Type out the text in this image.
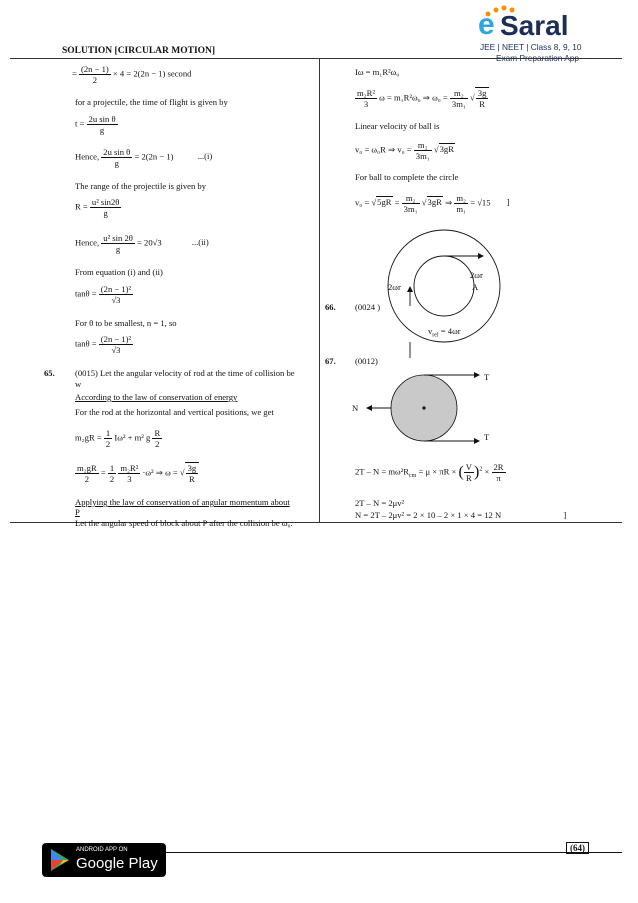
SOLUTION [CIRCULAR MOTION]
e Saral
JEE | NEET | Class 8, 9, 10
Exam Preparation App
= $\frac{(2n - 1)}{2} \times 4 = 2(2n - 1)$ second
for a projectile, the time of flight is given by
$t = \frac{\text{2u sin θ}}{g}$
Hence, $\frac{\text{2u sin θ}}{g} = 2(2n - 1)$	...(i)
The range of the projectile is given by
$R = \frac{\text{u² sin2θ}}{g}$
Hence, $\frac{\text{u² sin 2θ}}{g} = 20√3$	...(ii)
From equation (i) and (ii)
$\tan\theta = \frac{\text{(2n − 1)²}}{√3}$
For θ to be smallest, n = 1, so
$\tan\theta = \frac{\text{(2n − 1)²}}{√3}$
65. (0015) Let the angular velocity of rod at the time of collision be
w
According to the law of conservation of energy
For the rod at the horizontal and vertical positions, we get
$m_2gR = \frac{1}{2} I\omega^2 + m^2$ g $\frac{R}{2}$
$\frac{\text{m₂gR}}{2} = \frac{1}{2}$
$\frac{\text{m₂R²}}{3} \cdot\omega^2$ ⇒ ω = √ $\frac{3g}{R}$
Applying the law of conservation of angular momentum about
P
Let the angular speed of block about P after the collision be ω₀.
Iω = m₁R²ω₀
$\frac{\text{m₂R²}}{3}$ ω = m₁R²ω₀ ⇒ $\omega_0 = \frac{\text{m₂}}{\text{3m₁}}$ √ $\frac{3g}{R}$
Linear velocity of ball is
v₀ = ω₀R ⇒ $v_0 = \frac{\text{m₂}}{\text{3m₁}} √3gR$
For ball to complete the circle
$v_0 = √5gR = \frac{\text{m₂}}{\text{3m₁}} √3gR$ ⇒ $\frac{\text{m₂}}{\text{m₁}} = √15$ ]
66. (0024 )
2ωr
A
2ωr
$v_{rel} = 4\omega r$
67. (0012)
T
T
N
$2T - N = m\omega^2R_{cm} = \mu \times \pi R$ × ( $\frac{V}{R} )^2 \times \frac{2R}{\pi}$
2T – N = 2μv²
N = 2T – 2μv² = 2 × 10 – 2 × 1 × 4 = 12 N	]
ANDROID APP ON
Google Play
(64)
